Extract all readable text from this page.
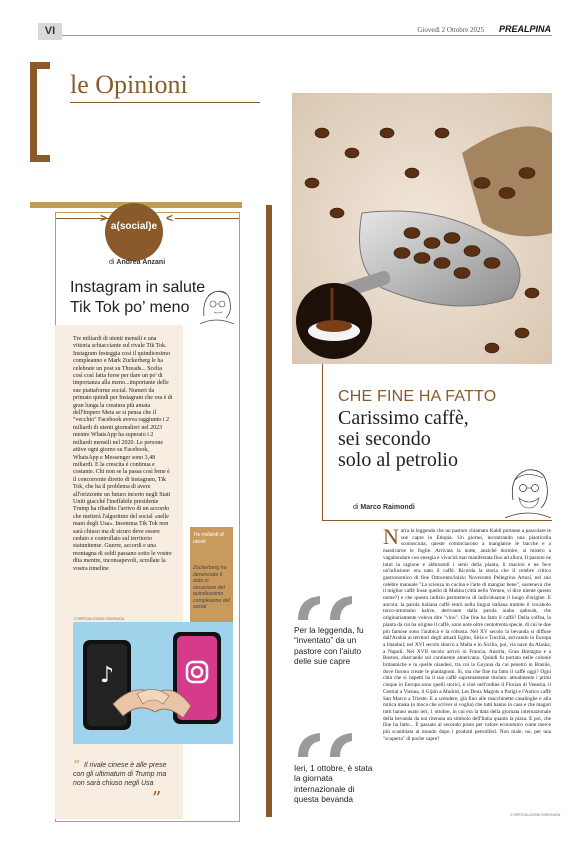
VI	Giovedì 2 Ottobre 2025 PREALPINA
le Opinioni
>	<
a(social)e
di Andrea Anzani
Instagram in salute
Tik Tok po’ meno
Tre miliardi di utenti mensili e una vittoria schiacciante sul rivale Tik Tok. Instagram festeggia così il quindicesimo compleanno e Mark Zuckerberg le ha celebrate un post su Threads... Scelta così così fatta forse per dare un po' di importanza alla meno...importante delle sue piattaforme social. Numeri da primato quindi per Instagram che ora è di gran lunga la creatura più amata dell'Impero Meta se si pensa che il "vecchio" Facebook aveva raggiunto i 2 miliardi di utenti giornalieri nel 2023 mentre WhatsApp ha superato i 2 miliardi mensili nel 2020. Le persone attive ogni giorno su Facebook, WhatsApp e Messenger sono 3,48 miliardi. E la crescita è continua e costante. Chi non se la passa così bene è il concorrente diretto di Instagram, Tik Tok, che ha il problema di avere all'orizzonte un futuro incerto negli Stati Uniti giacché l'ineffabile presidente Trump ha ribadito l'arrivo di un accordo che metterà l'algoritmo del social «nelle mani degli Usa». Insomma Tik Tok non sarà chiuso ma di sicuro deve essere ceduto e controllato sul territorio statunitense. Guerre, accordi e una montagna di soldi passano sotto le vostre dita mentre, inconsapevoli, scrollate la vostra timeline
© RIPRODUZIONE RISERVATA
Tre miliardi di utenti
Zuckerberg ha denunciato il dato in occasione del quindicesimo compleanno del social
♪
“ Il rivale cinese è alle prese con gli ultimatum di Trump ma non sarà chiuso negli Usa
”
CHE FINE HA FATTO
Carissimo caffè,
sei secondo
solo al petrolio
di Marco Raimondi
Per la leggenda, fu “inventato” da un pastore con l'aiuto delle sue capre
Ieri, 1 ottobre, è stata la giornata internazionale di questa bevanda
Narra la leggenda che un pastore chiamato Kaldi portasse a pascolare le sue capre in Etiopia. Un giorno, incontrando una pianticella sconosciuta, queste cominciarono a mangiarne le bacche e a masticarne le foglie. Arrivata la notte, anziché dormire, si misero a vagabondare con energia e vivacità mai manifestata fino ad allora. Il pastore ne intuì la ragione e abbrustolì i semi della pianta, li macinò e ne fece un'infusione: era nato il caffè. Ricorda la storia che il celebre critico gastronomico di fine Ottocento/inizio Novecento Pellegrino Artusi, nel suo celebre manuale "La scienza in cucina e l'arte di mangiar bene", sosteneva che il miglior caffè fosse quello di Mokha (città nello Yemen, vi dice niente questo nome?) e che questo indizio permetteva di individuarne il luogo d'origine. E ancora: la parola italiana caffè entrò nella lingua italiana tramite il vocabolo turco-ottomano kahve, derivante dalla parola araba qahwah, che originariamente voleva dire "vino". Che fine ha fatto il caffè? Della coffea, la pianta da cui ha origine il caffè, sono note oltre centotrenta specie, di cui le due più famose sono l'arabica e la robusta. Nel XV secolo la bevanda si diffuse dall'Arabia ai territori degli attuali Egitto, Siria e Turchia, arrivando in Europa a Istanbul; nel XVI secolo sbarcò a Malta e in Sicilia, poi, via nave da Alaska, a Napoli. Nel XVII secolo arrivò in Francia, Austria, Gran Bretagna e a Boston, sbarcando sul continente americano. Quindi fu portato nelle colonie britanniche e in quelle olandesi, tra cui la Guyana da cui penetrò in Brasile, dove furono create le piantagioni. Sì, ma che fine ha fatto il caffè oggi? Ogni città che si rispetti ha il suo caffè supremamente titolato: attualmente i primi cinque in Europa sono quelli storici, e cioè nell'ordine il Florian di Venezia, il Central a Vienna, il Gijón a Madrid, Les Deux Magots a Parigi e l'Antico caffè San Marco a Trieste. E a scendere, già fino alle macchinette casalinghe e alla mitica moka (o moca che scriver si voglia) che tutti hanno in casa e che magari tutti hanno usato ieri, 1 ottobre, in cui era la data della giornata internazionale della bevanda da noi ritenuta un simbolo dell'Italia quanto la pizza. E poi, che fine ha fatto... È passato al secondo posto per valore economico come merce più scambiata al mondo dopo i prodotti petroliferi. Non male, no, per una "scoperta" di poche capre?
© RIPRODUZIONE RISERVATA
